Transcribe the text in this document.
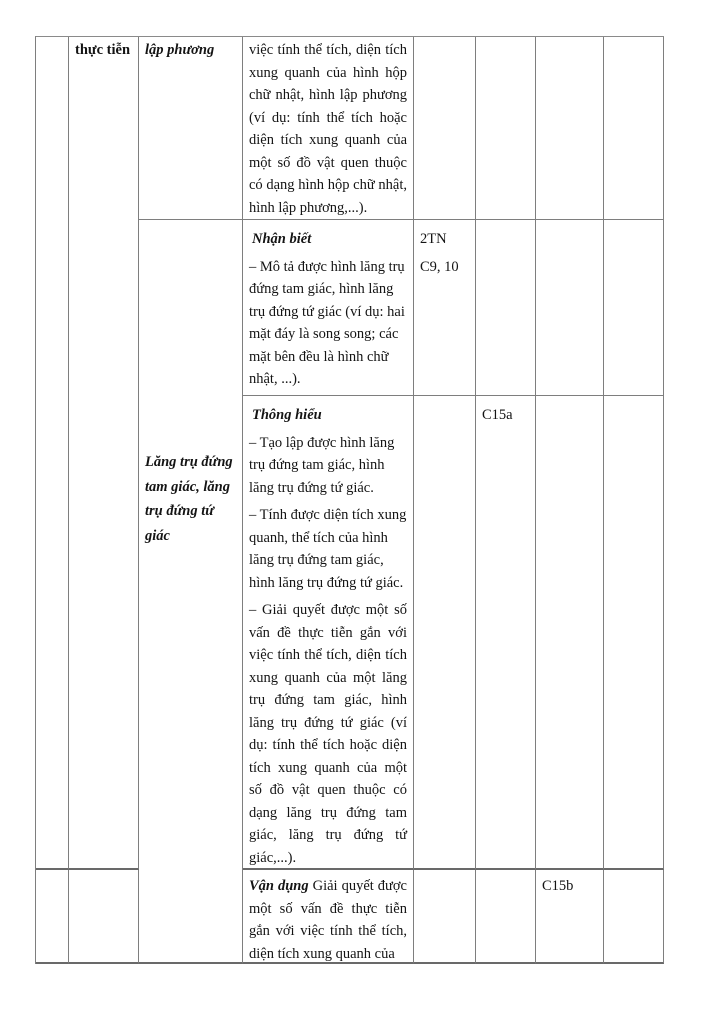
thực tiễn lập phương	việc tính thể tích, diện tích xung quanh của hình hộp chữ nhật, hình lập phương (ví dụ: tính thể tích hoặc diện tích xung quanh của một số đồ vật quen thuộc có dạng hình hộp chữ nhật, hình lập phương,...).

Lăng trụ đứng tam giác, lăng trụ đứng tứ giác

Nhận biết

– Mô tả được hình lăng trụ đứng tam giác, hình lăng trụ đứng tứ giác (ví dụ: hai mặt đáy là song song; các mặt bên đều là hình chữ nhật, ...).

2TN

C9, 10

Thông hiểu

– Tạo lập được hình lăng trụ đứng tam giác, hình lăng trụ đứng tứ giác.

– Tính được diện tích xung quanh, thể tích của hình lăng trụ đứng tam giác, hình lăng trụ đứng tứ giác.

– Giải quyết được một số vấn đề thực tiễn gắn với việc tính thể tích, diện tích xung quanh của một lăng trụ đứng tam giác, hình lăng trụ đứng tứ giác (ví dụ: tính thể tích hoặc diện tích xung quanh của một số đồ vật quen thuộc có dạng lăng trụ đứng tam giác, lăng trụ đứng tứ giác,...).

C15a

Vận dụng Giải quyết được một số vấn đề thực tiễn gắn với việc tính thể tích, diện tích xung quanh của

C15b
